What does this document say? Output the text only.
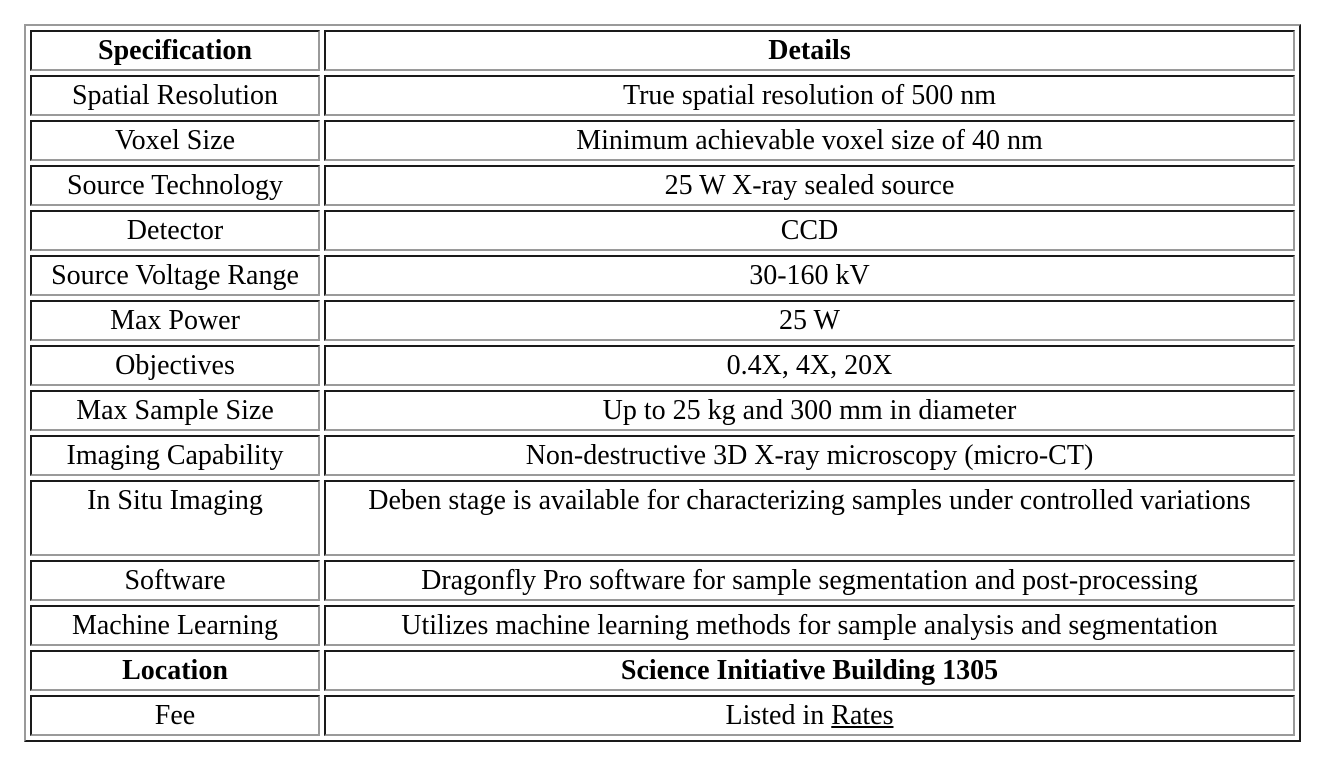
Specification	Details
Spatial Resolution	True spatial resolution of 500 nm
Voxel Size	Minimum achievable voxel size of 40 nm
Source Technology	25 W X-ray sealed source
Detector	CCD
Source Voltage Range	30-160 kV
Max Power	25 W
Objectives	0.4X, 4X, 20X
Max Sample Size	Up to 25 kg and 300 mm in diameter
Imaging Capability	Non-destructive 3D X-ray microscopy (micro-CT)
In Situ Imaging	Deben stage is available for characterizing samples under controlled variations
Software	Dragonfly Pro software for sample segmentation and post-processing
Machine Learning	Utilizes machine learning methods for sample analysis and segmentation
Location	Science Initiative Building 1305
Fee	Listed in Rates
